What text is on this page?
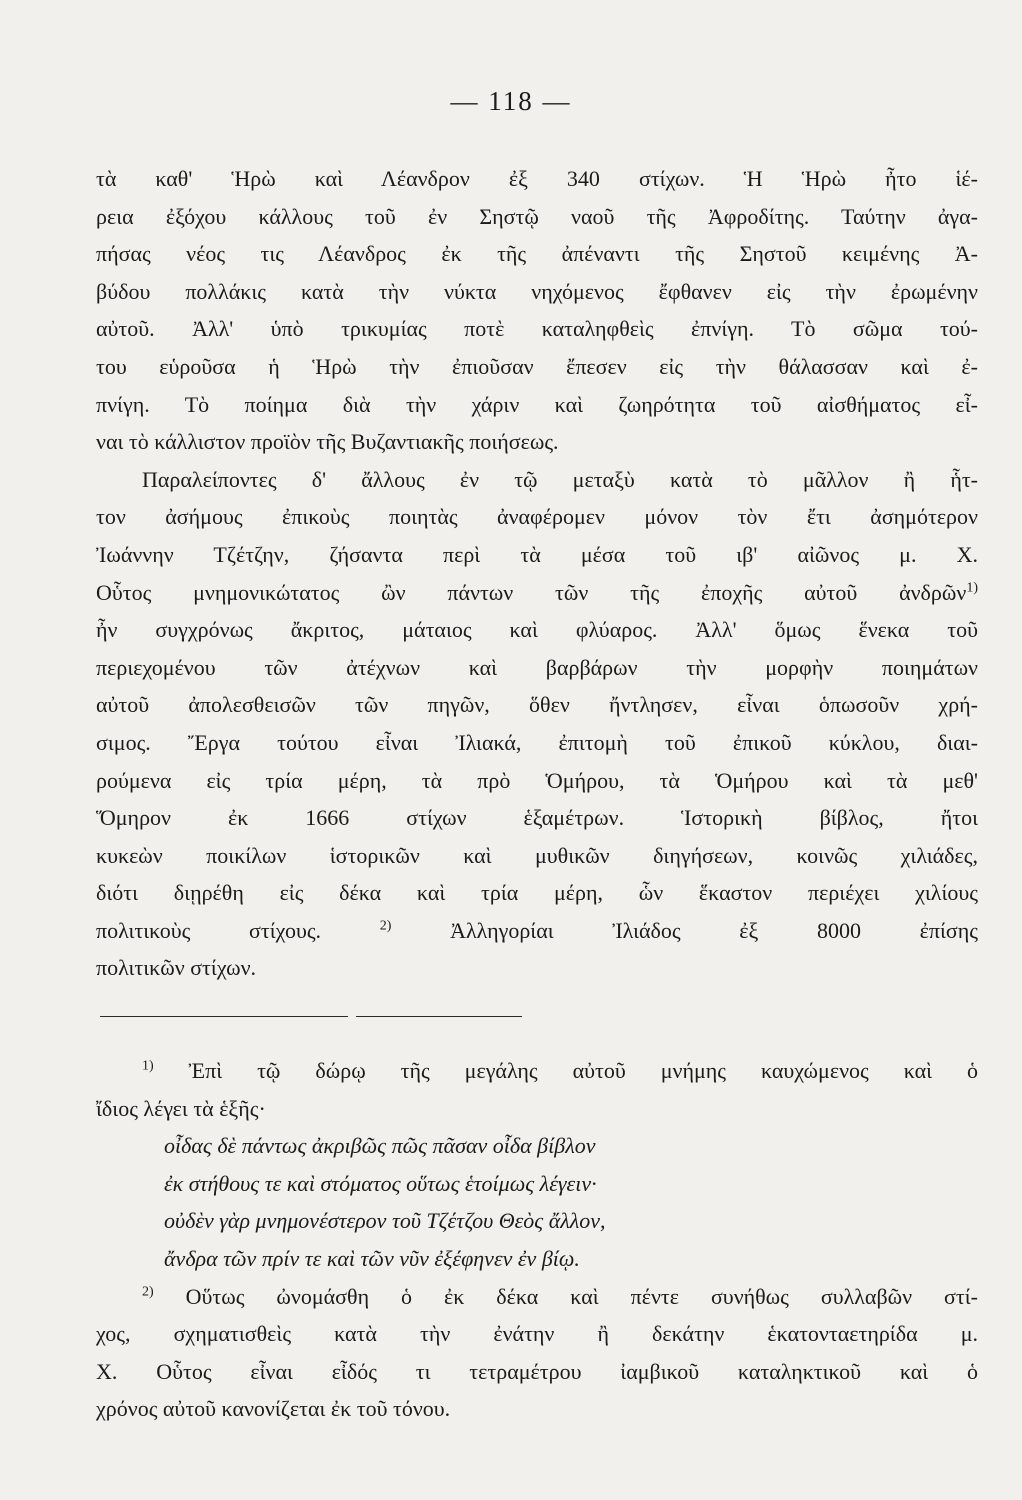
— 118 —
τὰ καθ' Ἡρὼ καὶ Λέανδρον ἐξ 340 στίχων. Ἡ Ἡρὼ ἦτο ἱέ-
ρεια ἐξόχου κάλλους τοῦ ἐν Σηστῷ ναοῦ τῆς Ἀφροδίτης. Ταύτην ἀγα-
πήσας νέος τις Λέανδρος ἐκ τῆς ἀπέναντι τῆς Σηστοῦ κειμένης Ἀ-
βύδου πολλάκις κατὰ τὴν νύκτα νηχόμενος ἔφθανεν εἰς τὴν ἐρωμένην
αὐτοῦ. Ἀλλ' ὑπὸ τρικυμίας ποτὲ καταληφθεὶς ἐπνίγη. Τὸ σῶμα τού-
του εὑροῦσα ἡ Ἡρὼ τὴν ἐπιοῦσαν ἔπεσεν εἰς τὴν θάλασσαν καὶ ἐ-
πνίγη. Τὸ ποίημα διὰ τὴν χάριν καὶ ζωηρότητα τοῦ αἰσθήματος εἶ-
ναι τὸ κάλλιστον προϊὸν τῆς Βυζαντιακῆς ποιήσεως.
Παραλείποντες δ' ἄλλους ἐν τῷ μεταξὺ κατὰ τὸ μᾶλλον ἢ ἧτ-
τον ἀσήμους ἐπικοὺς ποιητὰς ἀναφέρομεν μόνον τὸν ἔτι ἀσημότερον
Ἰωάννην Τζέτζην, ζήσαντα περὶ τὰ μέσα τοῦ ιβ' αἰῶνος μ. Χ.
Οὗτος μνημονικώτατος ὢν πάντων τῶν τῆς ἐποχῆς αὐτοῦ ἀνδρῶν$^{1)}$
ἦν συγχρόνως ἄκριτος, μάταιος καὶ φλύαρος. Ἀλλ' ὅμως ἕνεκα τοῦ
περιεχομένου τῶν ἀτέχνων καὶ βαρβάρων τὴν μορφὴν ποιημάτων
αὐτοῦ ἀπολεσθεισῶν τῶν πηγῶν, ὅθεν ἤντλησεν, εἶναι ὁπωσοῦν χρή-
σιμος. Ἔργα τούτου εἶναι Ἰλιακά, ἐπιτομὴ τοῦ ἐπικοῦ κύκλου, διαι-
ρούμενα εἰς τρία μέρη, τὰ πρὸ Ὁμήρου, τὰ Ὁμήρου καὶ τὰ μεθ'
Ὅμηρον ἐκ 1666 στίχων ἑξαμέτρων. Ἱστορικὴ βίβλος, ἤτοι
κυκεὼν ποικίλων ἱστορικῶν καὶ μυθικῶν διηγήσεων, κοινῶς χιλιάδες,
διότι διῃρέθη εἰς δέκα καὶ τρία μέρη, ὧν ἕκαστον περιέχει χιλίους
πολιτικοὺς στίχους.	$^{2)}$	Ἀλληγορίαι Ἰλιάδος ἐξ 8000 ἐπίσης
πολιτικῶν στίχων.
$^{1)}$ Ἐπὶ τῷ δώρῳ τῆς μεγάλης αὐτοῦ μνήμης καυχώμενος καὶ ὁ
ἴδιος λέγει τὰ ἑξῆς·
οἶδας δὲ πάντως ἀκριβῶς πῶς πᾶσαν οἶδα βίβλον
ἐκ στήθους τε καὶ στόματος οὕτως ἑτοίμως λέγειν·
οὐδὲν γὰρ μνημονέστερον τοῦ Τζέτζου Θεὸς ἄλλον,
ἄνδρα τῶν πρίν τε καὶ τῶν νῦν ἐξέφηνεν ἐν βίῳ.
$^{2)}$ Οὕτως ὠνομάσθη ὁ ἐκ δέκα καὶ πέντε συνήθως συλλαβῶν στί-
χος, σχηματισθεὶς κατὰ τὴν ἐνάτην ἢ δεκάτην ἑκατονταετηρίδα μ.
Χ. Οὗτος εἶναι εἶδός τι τετραμέτρου ἰαμβικοῦ καταληκτικοῦ καὶ ὁ
χρόνος αὐτοῦ κανονίζεται ἐκ τοῦ τόνου.
